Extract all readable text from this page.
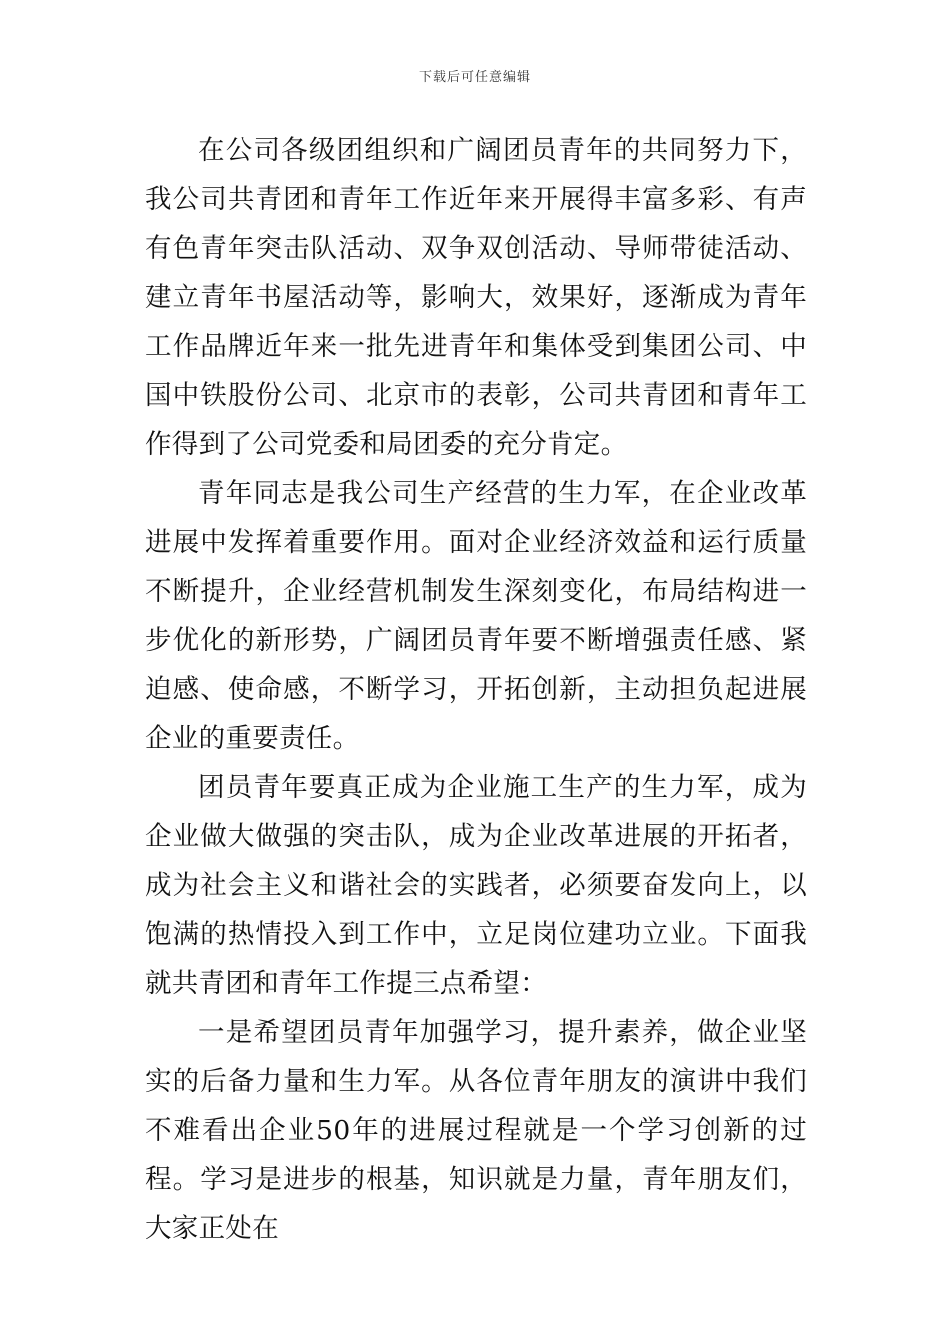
下载后可任意编辑

在公司各级团组织和广阔团员青年的共同努力下，我公司共青团和青年工作近年来开展得丰富多彩、有声有色青年突击队活动、双争双创活动、导师带徒活动、建立青年书屋活动等，影响大，效果好，逐渐成为青年工作品牌近年来一批先进青年和集体受到集团公司、中国中铁股份公司、北京市的表彰，公司共青团和青年工作得到了公司党委和局团委的充分肯定。

青年同志是我公司生产经营的生力军，在企业改革进展中发挥着重要作用。面对企业经济效益和运行质量不断提升，企业经营机制发生深刻变化，布局结构进一步优化的新形势，广阔团员青年要不断增强责任感、紧迫感、使命感，不断学习，开拓创新，主动担负起进展企业的重要责任。

团员青年要真正成为企业施工生产的生力军，成为企业做大做强的突击队，成为企业改革进展的开拓者，成为社会主义和谐社会的实践者，必须要奋发向上，以饱满的热情投入到工作中，立足岗位建功立业。下面我就共青团和青年工作提三点希望：

一是希望团员青年加强学习，提升素养，做企业坚实的后备力量和生力军。从各位青年朋友的演讲中我们不难看出企业50年的进展过程就是一个学习创新的过程。学习是进步的根基，知识就是力量，青年朋友们，大家正处在
